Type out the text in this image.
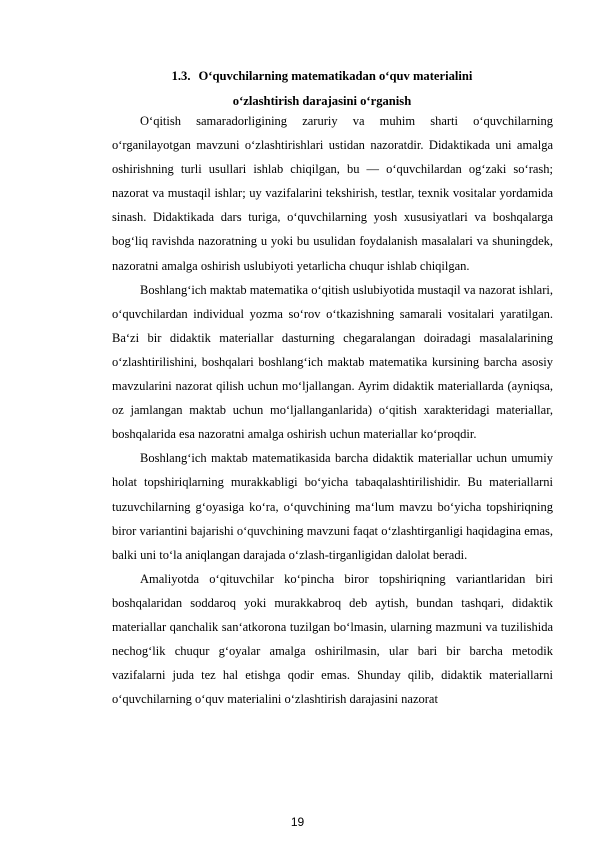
1.3. O‘quvchilarning matematikadan o‘quv materialini
o‘zlashtirish darajasini o‘rganish

O‘qitish samaradorligining zaruriy va muhim sharti o‘quvchilarning o‘rganilayotgan mavzuni o‘zlashtirishlari ustidan nazoratdir. Didaktikada uni amalga oshirishning turli usullari ishlab chiqilgan, bu — o‘quvchilardan og‘zaki so‘rash; nazorat va mustaqil ishlar; uy vazifalarini tekshirish, testlar, texnik vositalar yordamida sinash. Didaktikada dars turiga, o‘quvchilarning yosh xususiyatlari va boshqalarga bog‘liq ravishda nazoratning u yoki bu usulidan foydalanish masalalari va shuningdek, nazoratni amalga oshirish uslubiyoti yetarlicha chuqur ishlab chiqilgan.

Boshlang‘ich maktab matematika o‘qitish uslubiyotida mustaqil va nazorat ishlari, o‘quvchilardan individual yozma so‘rov o‘tkazishning samarali vositalari yaratilgan. Ba‘zi bir didaktik materiallar dasturning chegaralangan doiradagi masalalarining o‘zlashtirilishini, boshqalari boshlang‘ich maktab matematika kursining barcha asosiy mavzularini nazorat qilish uchun mo‘ljallangan. Ayrim didaktik materiallarda (ayniqsa, oz jamlangan maktab uchun mo‘ljallanganlarida) o‘qitish xarakteridagi materiallar, boshqalarida esa nazoratni amalga oshirish uchun materiallar ko‘proqdir.

Boshlang‘ich maktab matematikasida barcha didaktik materiallar uchun umumiy holat topshiriqlarning murakkabligi bo‘yicha tabaqalashtirilishidir. Bu materiallarni tuzuvchilarning g‘oyasiga ko‘ra, o‘quvchining ma‘lum mavzu bo‘yicha topshiriqning biror variantini bajarishi o‘quvchining mavzuni faqat o‘zlashtirganligi haqidagina emas, balki uni to‘la aniqlangan darajada o‘zlash-tirganligidan dalolat beradi.

Amaliyotda o‘qituvchilar ko‘pincha biror topshiriqning variantlaridan biri boshqalaridan soddaroq yoki murakkabroq deb aytish, bundan tashqari, didaktik materiallar qanchalik san‘atkorona tuzilgan bo‘lmasin, ularning mazmuni va tuzilishida nechog‘lik chuqur g‘oyalar amalga oshirilmasin, ular bari bir barcha metodik vazifalarni juda tez hal etishga qodir emas. Shunday qilib, didaktik materiallarni o‘quvchilarning o‘quv materialini o‘zlashtirish darajasini nazorat

19
